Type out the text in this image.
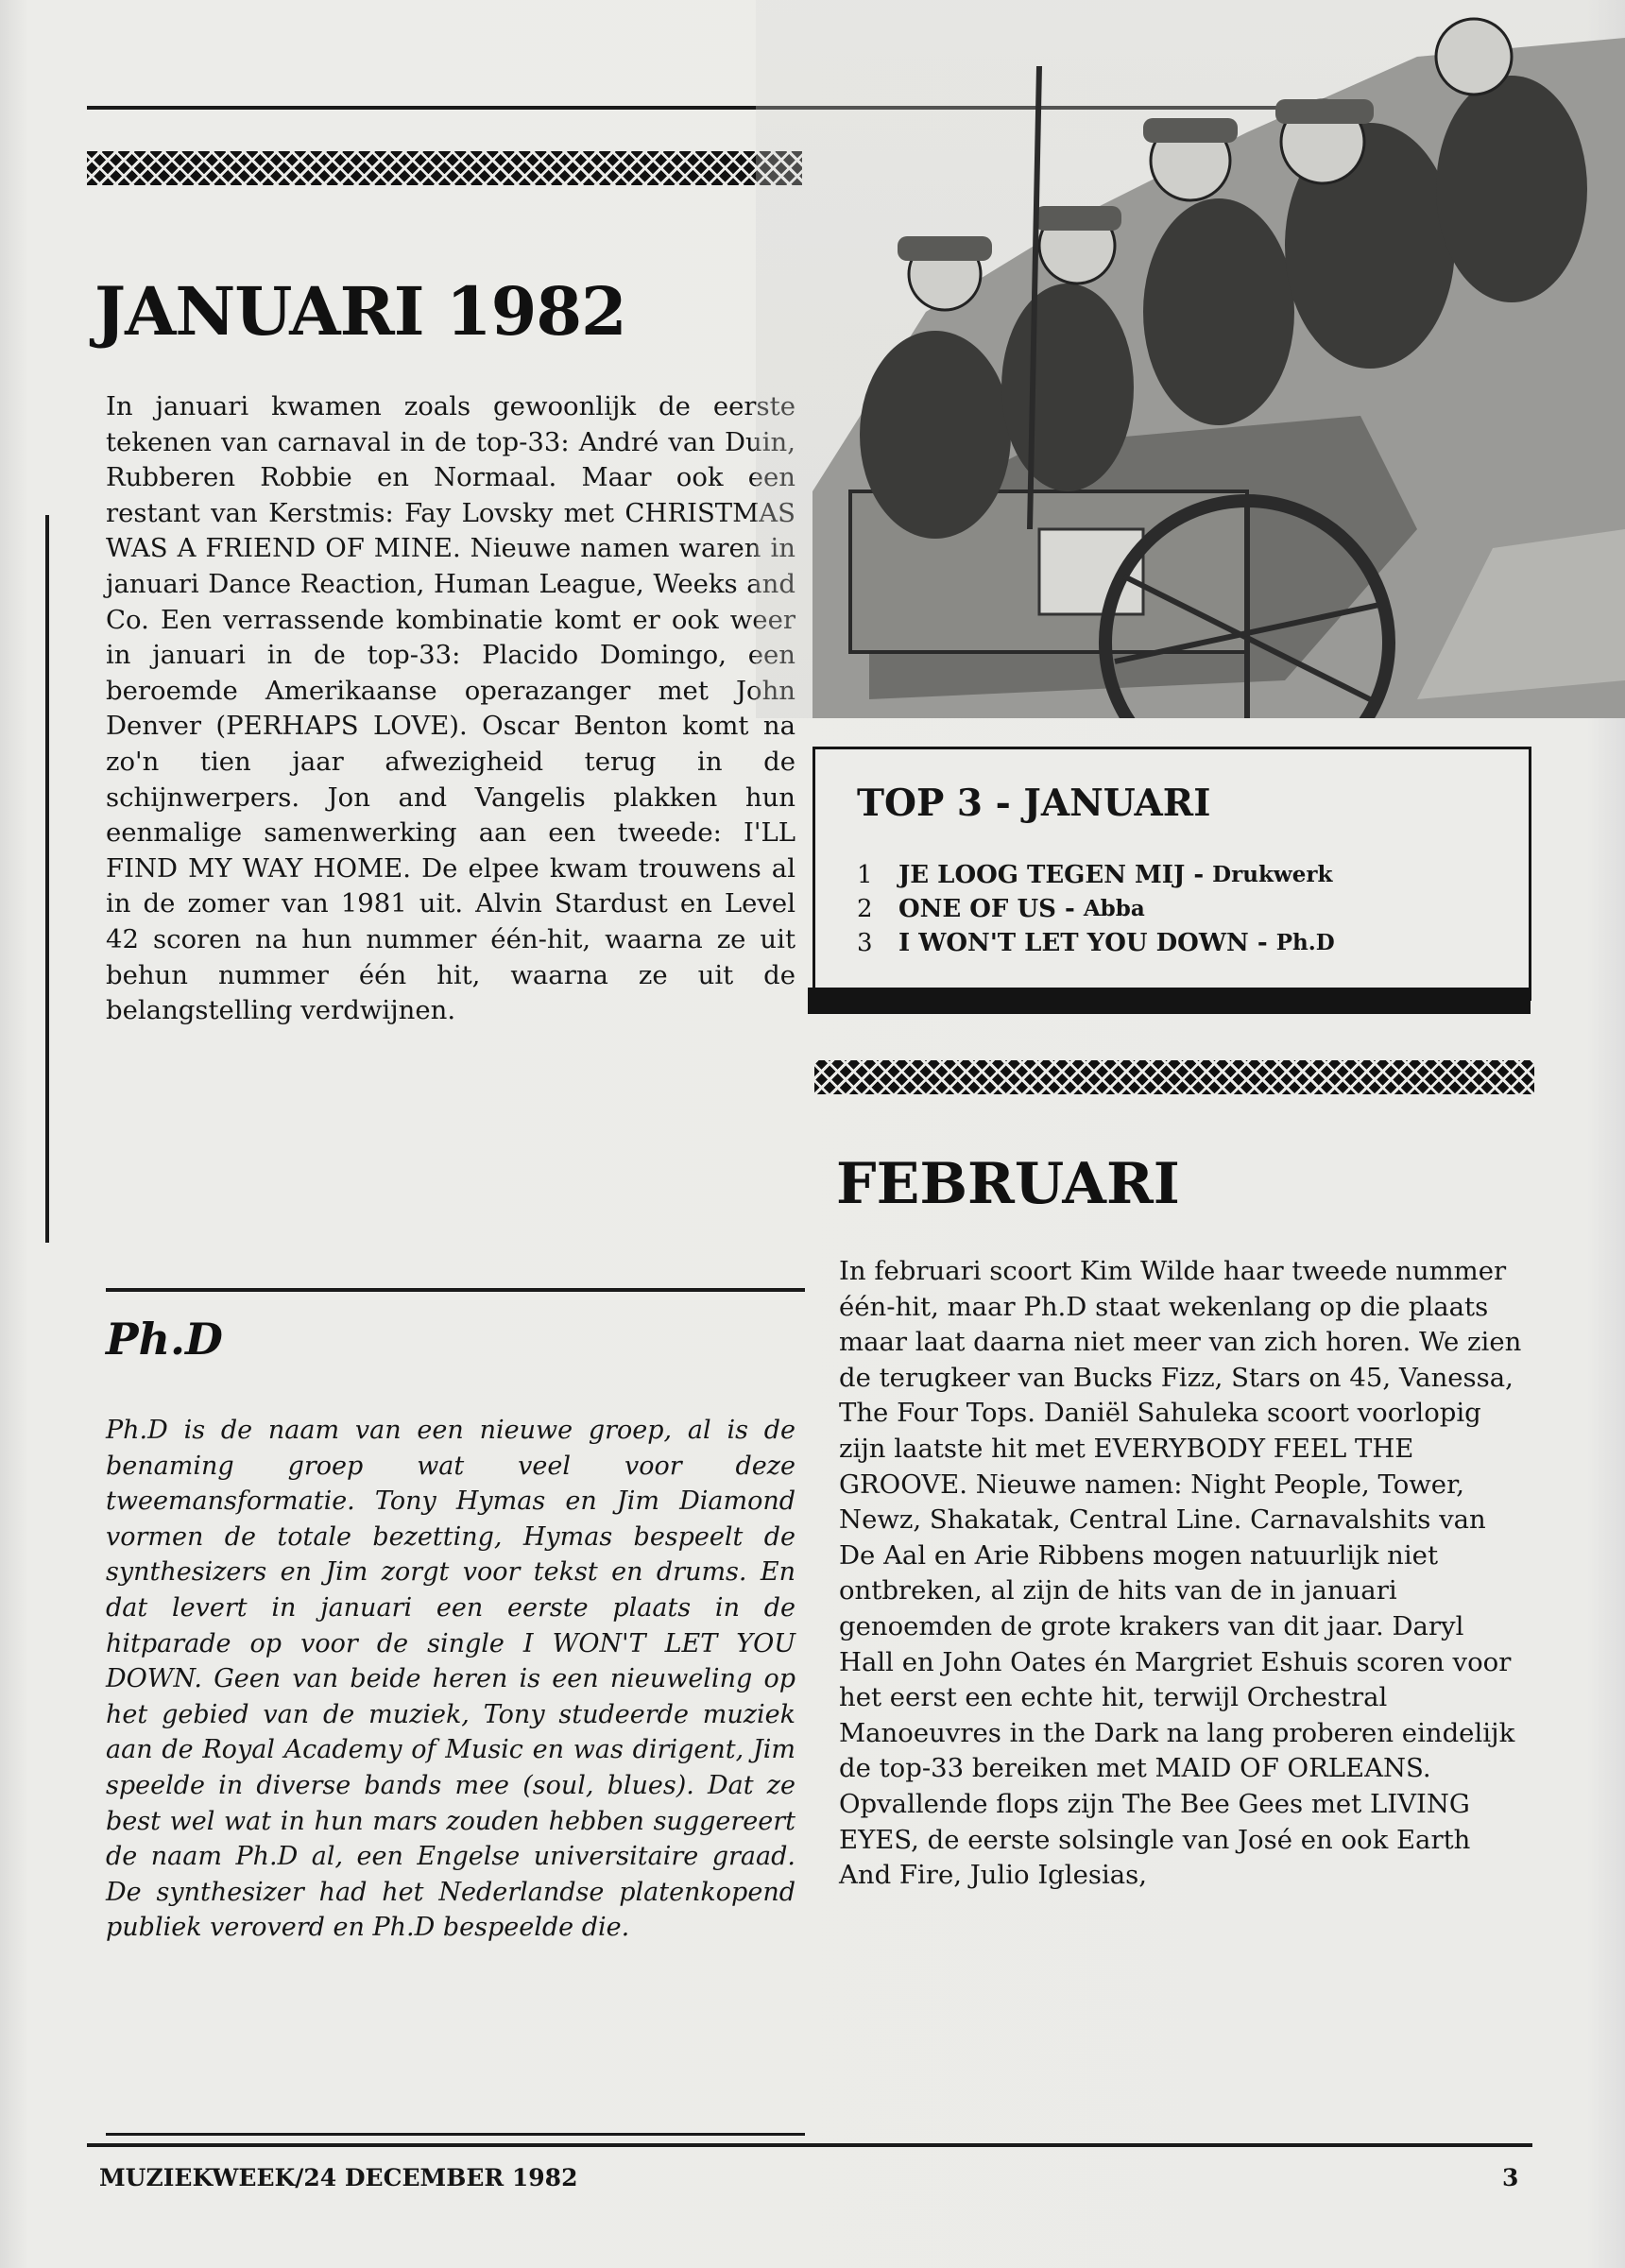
JANUARI 1982

In januari kwamen zoals gewoonlijk de eerste tekenen van carnaval in de top-33: André van Duin, Rubberen Robbie en Normaal. Maar ook een restant van Kerstmis: Fay Lovsky met CHRISTMAS WAS A FRIEND OF MINE. Nieuwe namen waren in januari Dance Reaction, Human League, Weeks and Co. Een verrassende kombinatie komt er ook weer in januari in de top-33: Placido Domingo, een beroemde Amerikaanse operazanger met John Denver (PERHAPS LOVE). Oscar Benton komt na zo'n tien jaar afwezigheid terug in de schijnwerpers. Jon and Vangelis plakken hun eenmalige samenwerking aan een tweede: I'LL FIND MY WAY HOME. De elpee kwam trouwens al in de zomer van 1981 uit. Alvin Stardust en Level 42 scoren na hun nummer één-hit, waarna ze uit behun nummer één hit, waarna ze uit de belangstelling verdwijnen.

Ph.D

Ph.D is de naam van een nieuwe groep, al is de benaming groep wat veel voor deze tweemansformatie. Tony Hymas en Jim Diamond vormen de totale bezetting, Hymas bespeelt de synthesizers en Jim zorgt voor tekst en drums. En dat levert in januari een eerste plaats in de hitparade op voor de single I WON'T LET YOU DOWN. Geen van beide heren is een nieuweling op het gebied van de muziek, Tony studeerde muziek aan de Royal Academy of Music en was dirigent, Jim speelde in diverse bands mee (soul, blues). Dat ze best wel wat in hun mars zouden hebben suggereert de naam Ph.D al, een Engelse universitaire graad. De synthesizer had het Nederlandse platenkopend publiek veroverd en Ph.D bespeelde die.

TOP 3 - JANUARI
1	JE LOOG TEGEN MIJ - Drukwerk
2	ONE OF US - Abba
3	I WON'T LET YOU DOWN - Ph.D
FEBRUARI

In februari scoort Kim Wilde haar tweede nummer één-hit, maar Ph.D staat wekenlang op die plaats maar laat daarna niet meer van zich horen. We zien de terugkeer van Bucks Fizz, Stars on 45, Vanessa, The Four Tops. Daniël Sahuleka scoort voorlopig zijn laatste hit met EVERYBODY FEEL THE GROOVE. Nieuwe namen: Night People, Tower, Newz, Shakatak, Central Line. Carnavalshits van De Aal en Arie Ribbens mogen natuurlijk niet ontbreken, al zijn de hits van de in januari genoemden de grote krakers van dit jaar. Daryl Hall en John Oates én Margriet Eshuis scoren voor het eerst een echte hit, terwijl Orchestral Manoeuvres in the Dark na lang proberen eindelijk de top-33 bereiken met MAID OF ORLEANS. Opvallende flops zijn The Bee Gees met LIVING EYES, de eerste solsingle van José en ook Earth And Fire, Julio Iglesias,

MUZIEKWEEK/24 DECEMBER 1982	3
